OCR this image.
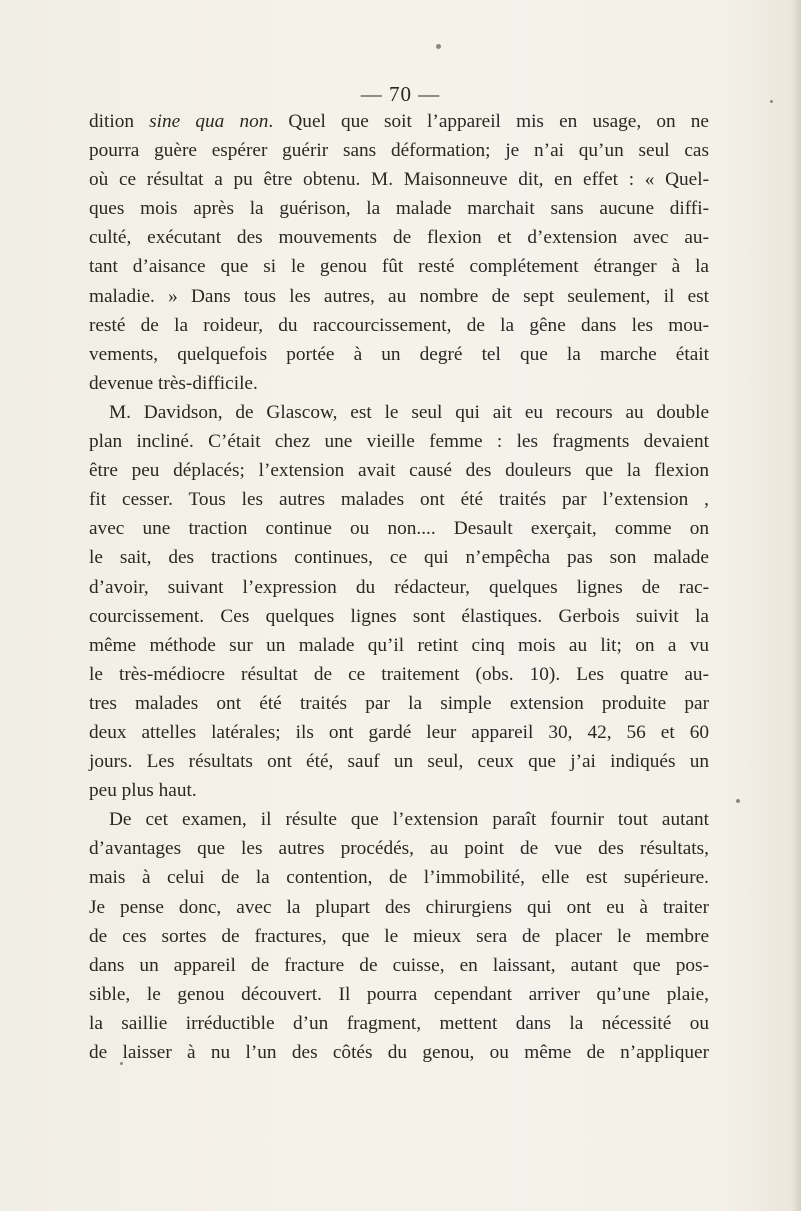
— 70 —
dition sine qua non. Quel que soit l’appareil mis en usage, on ne
pourra guère espérer guérir sans déformation; je n’ai qu’un seul cas
où ce résultat a pu être obtenu. M. Maisonneuve dit, en effet : « Quel-
ques mois après la guérison, la malade marchait sans aucune diffi-
culté, exécutant des mouvements de flexion et d’extension avec au-
tant d’aisance que si le genou fût resté complétement étranger à la
maladie. » Dans tous les autres, au nombre de sept seulement, il est
resté de la roideur, du raccourcissement, de la gêne dans les mou-
vements, quelquefois portée à un degré tel que la marche était
devenue très-difficile.
M. Davidson, de Glascow, est le seul qui ait eu recours au double
plan incliné. C’était chez une vieille femme : les fragments devaient
être peu déplacés; l’extension avait causé des douleurs que la flexion
fit cesser. Tous les autres malades ont été traités par l’extension ,
avec une traction continue ou non.... Desault exerçait, comme on
le sait, des tractions continues, ce qui n’empêcha pas son malade
d’avoir, suivant l’expression du rédacteur, quelques lignes de rac-
courcissement. Ces quelques lignes sont élastiques. Gerbois suivit la
même méthode sur un malade qu’il retint cinq mois au lit; on a vu
le très-médiocre résultat de ce traitement (obs. 10). Les quatre au-
tres malades ont été traités par la simple extension produite par
deux attelles latérales; ils ont gardé leur appareil 30, 42, 56 et 60
jours. Les résultats ont été, sauf un seul, ceux que j’ai indiqués un
peu plus haut.
De cet examen, il résulte que l’extension paraît fournir tout autant
d’avantages que les autres procédés, au point de vue des résultats,
mais à celui de la contention, de l’immobilité, elle est supérieure.
Je pense donc, avec la plupart des chirurgiens qui ont eu à traiter
de ces sortes de fractures, que le mieux sera de placer le membre
dans un appareil de fracture de cuisse, en laissant, autant que pos-
sible, le genou découvert. Il pourra cependant arriver qu’une plaie,
la saillie irréductible d’un fragment, mettent dans la nécessité ou
de laisser à nu l’un des côtés du genou, ou même de n’appliquer
